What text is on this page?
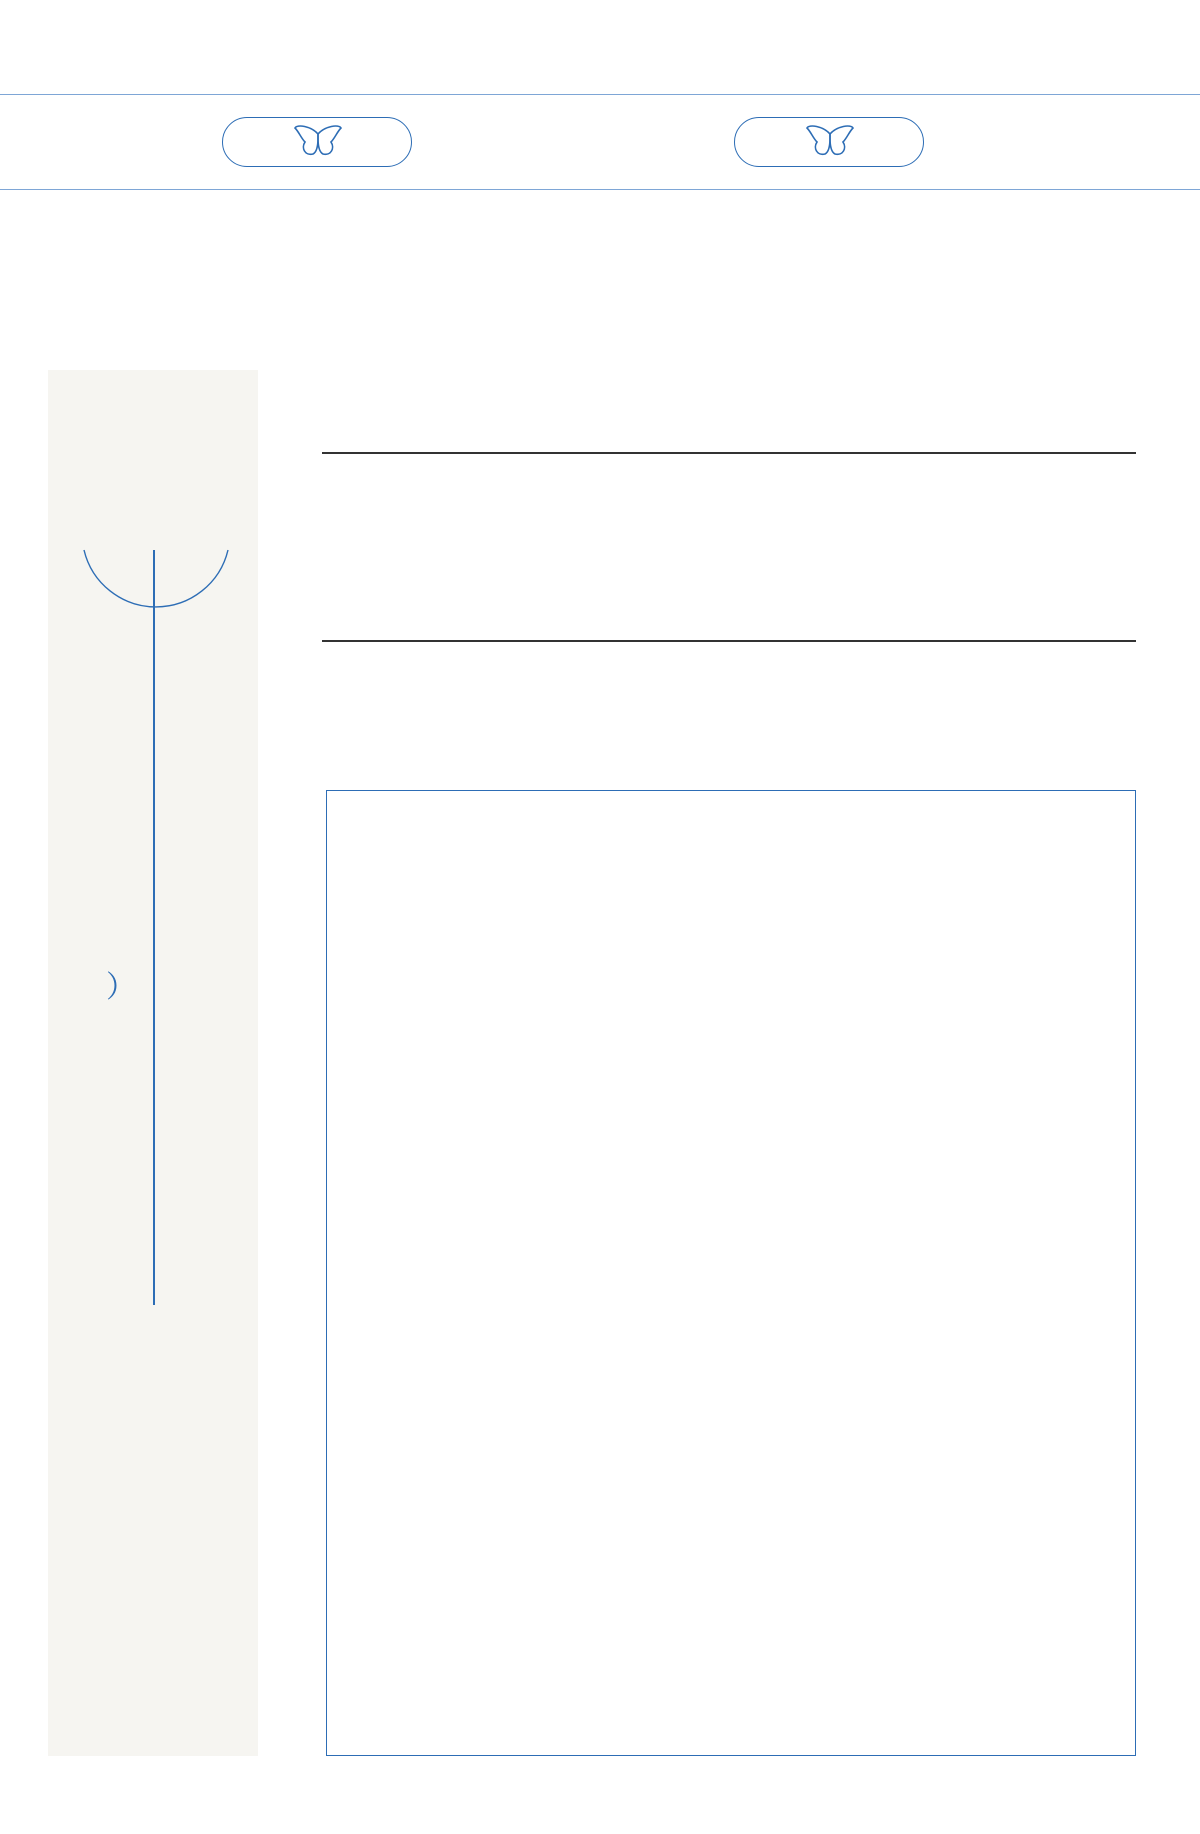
）
